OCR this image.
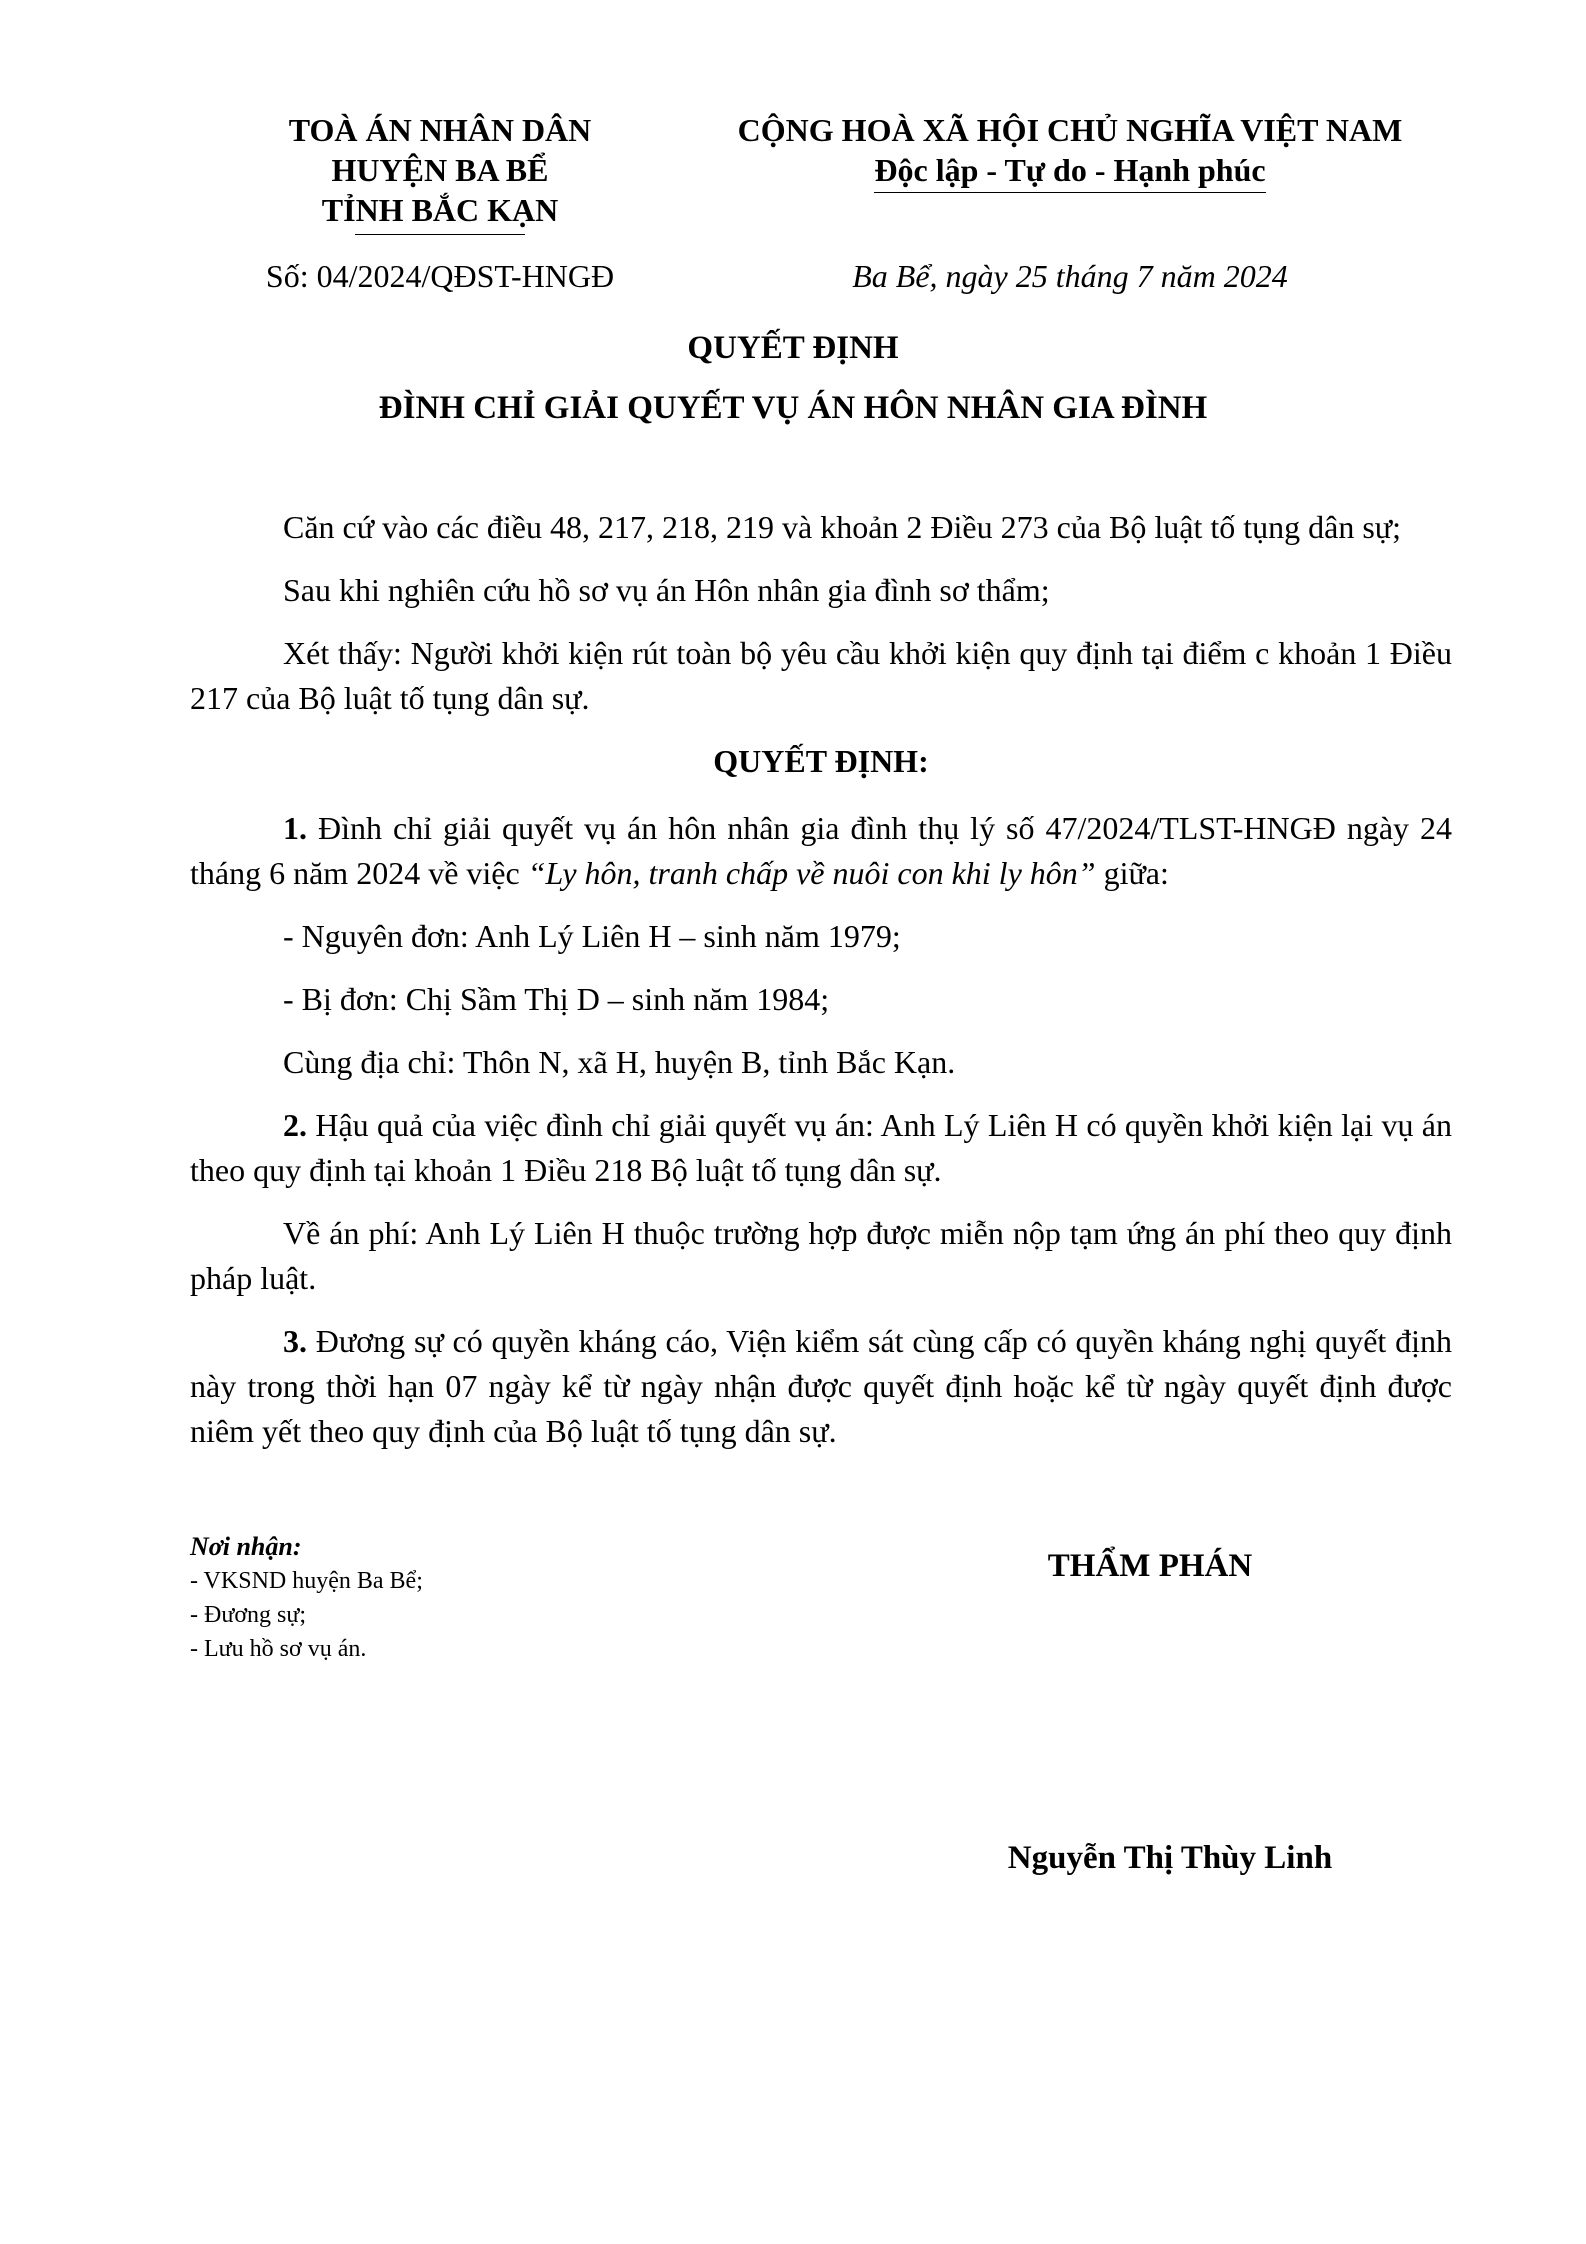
TOÀ ÁN NHÂN DÂN
HUYỆN BA BỂ
TỈNH BẮC KẠN
CỘNG HOÀ XÃ HỘI CHỦ NGHĨA VIỆT NAM
Độc lập - Tự do - Hạnh phúc
Số: 04/2024/QĐST-HNGĐ	Ba Bể, ngày 25 tháng 7 năm 2024
QUYẾT ĐỊNH
ĐÌNH CHỈ GIẢI QUYẾT VỤ ÁN HÔN NHÂN GIA ĐÌNH

Căn cứ vào các điều 48, 217, 218, 219 và khoản 2 Điều 273 của Bộ luật tố tụng dân sự;

Sau khi nghiên cứu hồ sơ vụ án Hôn nhân gia đình sơ thẩm;

Xét thấy: Người khởi kiện rút toàn bộ yêu cầu khởi kiện quy định tại điểm c khoản 1 Điều 217 của Bộ luật tố tụng dân sự.

QUYẾT ĐỊNH:

1. Đình chỉ giải quyết vụ án hôn nhân gia đình thụ lý số 47/2024/TLST-HNGĐ ngày 24 tháng 6 năm 2024 về việc “Ly hôn, tranh chấp về nuôi con khi ly hôn” giữa:

- Nguyên đơn: Anh Lý Liên H – sinh năm 1979;

- Bị đơn: Chị Sầm Thị D – sinh năm 1984;

Cùng địa chỉ: Thôn N, xã H, huyện B, tỉnh Bắc Kạn.

2. Hậu quả của việc đình chỉ giải quyết vụ án: Anh Lý Liên H có quyền khởi kiện lại vụ án theo quy định tại khoản 1 Điều 218 Bộ luật tố tụng dân sự.

Về án phí: Anh Lý Liên H thuộc trường hợp được miễn nộp tạm ứng án phí theo quy định pháp luật.

3. Đương sự có quyền kháng cáo, Viện kiểm sát cùng cấp có quyền kháng nghị quyết định này trong thời hạn 07 ngày kể từ ngày nhận được quyết định hoặc kể từ ngày quyết định được niêm yết theo quy định của Bộ luật tố tụng dân sự.

Nơi nhận:
- VKSND huyện Ba Bể;
- Đương sự;
- Lưu hồ sơ vụ án.
THẨM PHÁN
Nguyễn Thị Thùy Linh
